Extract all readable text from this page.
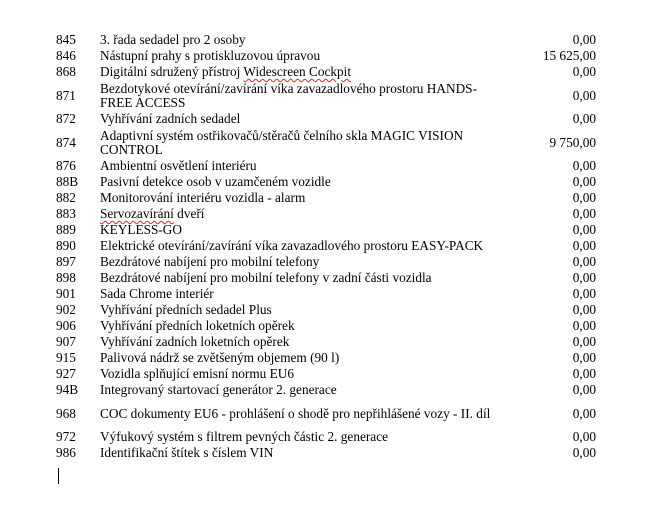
845	3. řada sedadel pro 2 osoby	0,00
846	Nástupní prahy s protiskluzovou úpravou	15 625,00
868	Digitální sdružený přístroj Widescreen Cockpit	0,00
871	Bezdotykové otevírání/zavírání víka zavazadlového prostoru HANDS-FREE ACCESS	0,00
872	Vyhřívání zadních sedadel	0,00
874	Adaptivní systém ostřikovačů/stěračů čelního skla MAGIC VISION CONTROL	9 750,00
876	Ambientní osvětlení interiéru	0,00
88B	Pasivní detekce osob v uzamčeném vozidle	0,00
882	Monitorování interiéru vozidla - alarm	0,00
883	Servozavírání dveří	0,00
889	KEYLESS-GO	0,00
890	Elektrické otevírání/zavírání víka zavazadlového prostoru EASY-PACK	0,00
897	Bezdrátové nabíjení pro mobilní telefony	0,00
898	Bezdrátové nabíjení pro mobilní telefony v zadní části vozidla	0,00
901	Sada Chrome interiér	0,00
902	Vyhřívání předních sedadel Plus	0,00
906	Vyhřívání předních loketních opěrek	0,00
907	Vyhřívání zadních loketních opěrek	0,00
915	Palivová nádrž se zvětšeným objemem (90 l)	0,00
927	Vozidla splňující emisní normu EU6	0,00
94B	Integrovaný startovací generátor 2. generace	0,00
968	COC dokumenty EU6 - prohlášení o shodě pro nepřihlášené vozy - II. díl	0,00
972	Výfukový systém s filtrem pevných částic 2. generace	0,00
986	Identifikační štítek s číslem VIN	0,00
